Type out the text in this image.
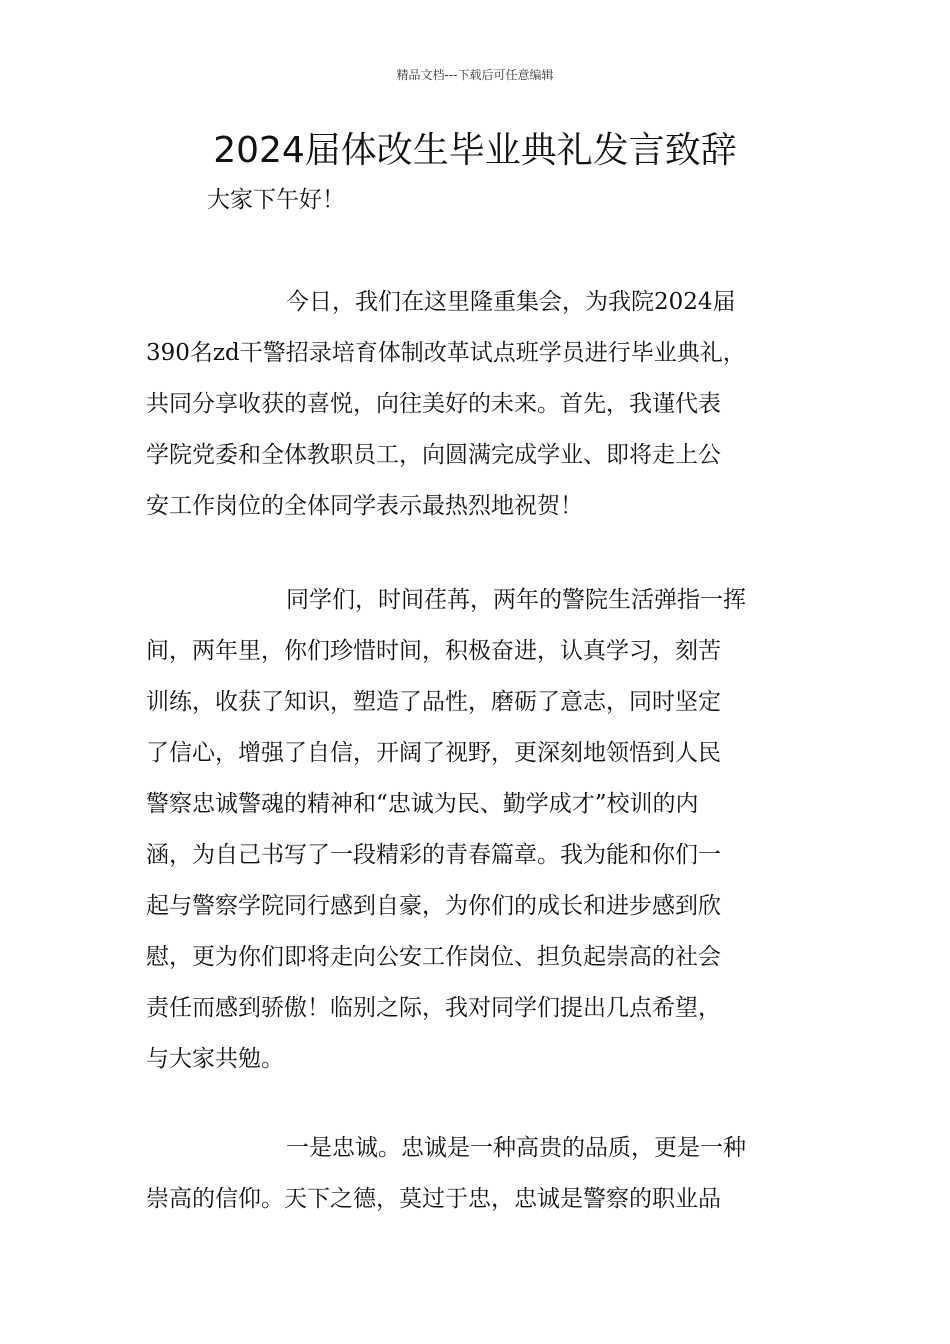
精品文档---下载后可任意编辑
2024届体改生毕业典礼发言致辞
大家下午好！
今日，我们在这里隆重集会，为我院2024届
390名zd干警招录培育体制改革试点班学员进行毕业典礼，
共同分享收获的喜悦，向往美好的未来。首先，我谨代表
学院党委和全体教职员工，向圆满完成学业、即将走上公
安工作岗位的全体同学表示最热烈地祝贺！
同学们，时间荏苒，两年的警院生活弹指一挥
间，两年里，你们珍惜时间，积极奋进，认真学习，刻苦
训练，收获了知识，塑造了品性，磨砺了意志，同时坚定
了信心，增强了自信，开阔了视野，更深刻地领悟到人民
警察忠诚警魂的精神和“忠诚为民、勤学成才”校训的内
涵，为自己书写了一段精彩的青春篇章。我为能和你们一
起与警察学院同行感到自豪，为你们的成长和进步感到欣
慰，更为你们即将走向公安工作岗位、担负起崇高的社会
责任而感到骄傲！临别之际，我对同学们提出几点希望，
与大家共勉。
一是忠诚。忠诚是一种高贵的品质，更是一种
崇高的信仰。天下之德，莫过于忠，忠诚是警察的职业品
